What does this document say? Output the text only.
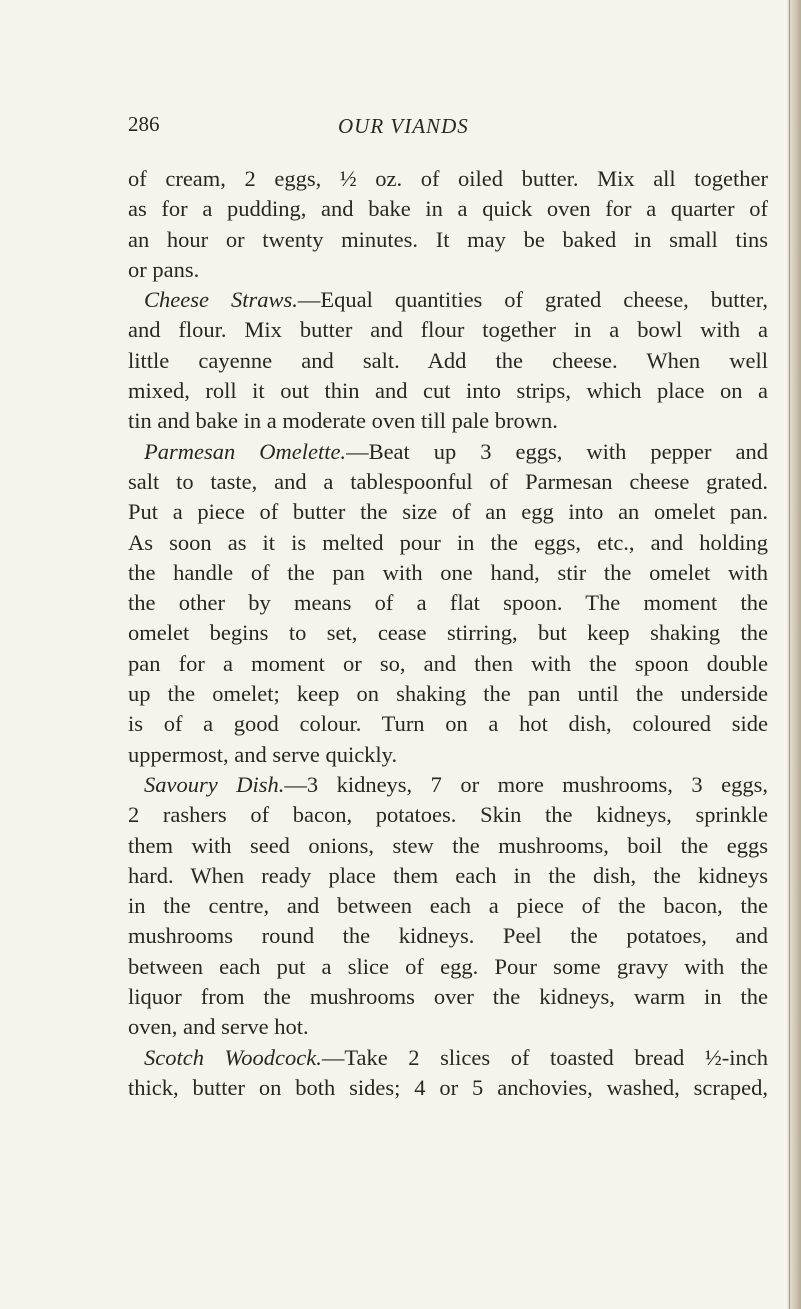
286	OUR VIANDS
of cream, 2 eggs, ½ oz. of oiled butter. Mix all together
as for a pudding, and bake in a quick oven for a quarter of
an hour or twenty minutes. It may be baked in small tins
or pans.
Cheese Straws.—Equal quantities of grated cheese, butter,
and flour. Mix butter and flour together in a bowl with a
little cayenne and salt. Add the cheese. When well
mixed, roll it out thin and cut into strips, which place on a
tin and bake in a moderate oven till pale brown.
Parmesan Omelette.—Beat up 3 eggs, with pepper and
salt to taste, and a tablespoonful of Parmesan cheese grated.
Put a piece of butter the size of an egg into an omelet pan.
As soon as it is melted pour in the eggs, etc., and holding
the handle of the pan with one hand, stir the omelet with
the other by means of a flat spoon. The moment the
omelet begins to set, cease stirring, but keep shaking the
pan for a moment or so, and then with the spoon double
up the omelet; keep on shaking the pan until the underside
is of a good colour. Turn on a hot dish, coloured side
uppermost, and serve quickly.
Savoury Dish.—3 kidneys, 7 or more mushrooms, 3 eggs,
2 rashers of bacon, potatoes. Skin the kidneys, sprinkle
them with seed onions, stew the mushrooms, boil the eggs
hard. When ready place them each in the dish, the kidneys
in the centre, and between each a piece of the bacon, the
mushrooms round the kidneys. Peel the potatoes, and
between each put a slice of egg. Pour some gravy with the
liquor from the mushrooms over the kidneys, warm in the
oven, and serve hot.
Scotch Woodcock.—Take 2 slices of toasted bread ½-inch
thick, butter on both sides; 4 or 5 anchovies, washed, scraped,
